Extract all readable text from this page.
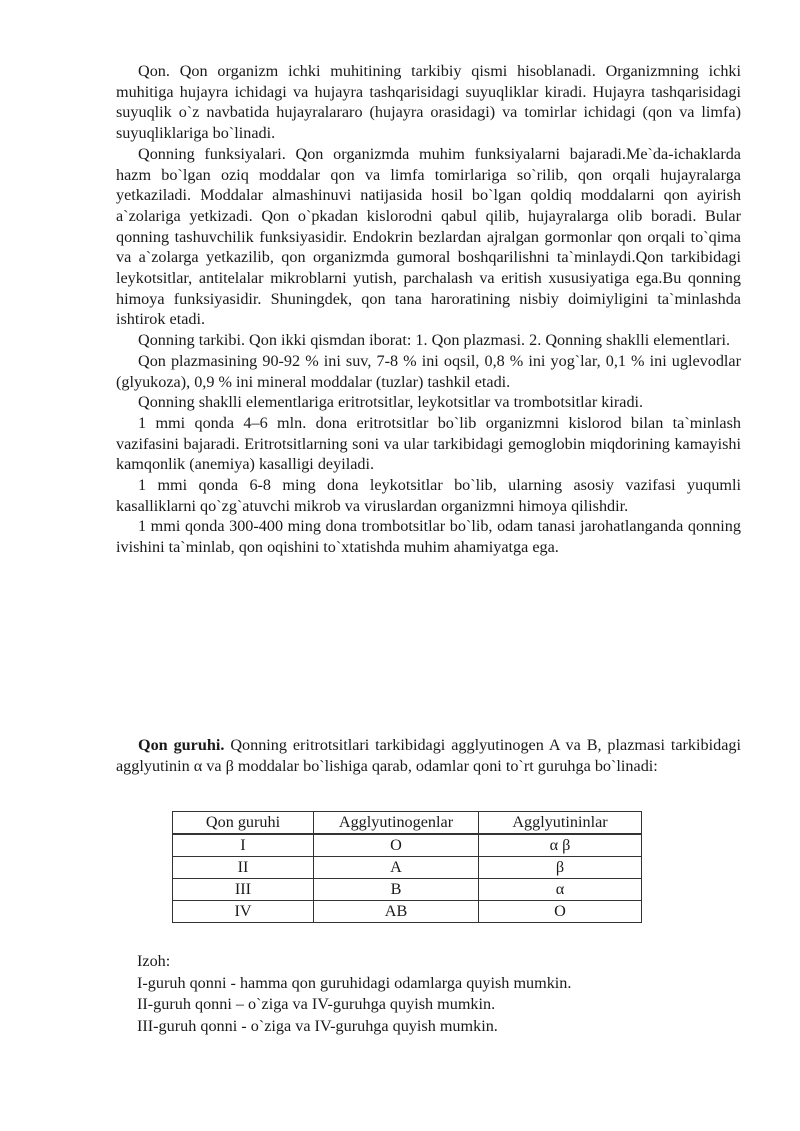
Qon. Qon organizm ichki muhitining tarkibiy qismi hisoblanadi. Organizmning ichki muhitiga hujayra ichidagi va hujayra tashqarisidagi suyuqliklar kiradi. Hujayra tashqarisidagi suyuqlik o`z navbatida hujayralararo (hujayra orasidagi) va tomirlar ichidagi (qon va limfa) suyuqliklariga bo`linadi.

Qonning funksiyalari. Qon organizmda muhim funksiyalarni bajaradi.Me`da-ichaklarda hazm bo`lgan oziq moddalar qon va limfa tomirlariga so`rilib, qon orqali hujayralarga yetkaziladi. Moddalar almashinuvi natijasida hosil bo`lgan qoldiq moddalarni qon ayirish a`zolariga yetkizadi. Qon o`pkadan kislorodni qabul qilib, hujayralarga olib boradi. Bular qonning tashuvchilik funksiyasidir. Endokrin bezlardan ajralgan gormonlar qon orqali to`qima va a`zolarga yetkazilib, qon organizmda gumoral boshqarilishni ta`minlaydi.Qon tarkibidagi leykotsitlar, antitelalar mikroblarni yutish, parchalash va eritish xususiyatiga ega.Bu qonning himoya funksiyasidir. Shuningdek, qon tana haroratining nisbiy doimiyligini ta`minlashda ishtirok etadi.

Qonning tarkibi. Qon ikki qismdan iborat: 1. Qon plazmasi. 2. Qonning shaklli elementlari.

Qon plazmasining 90-92 % ini suv, 7-8 % ini oqsil, 0,8 % ini yog`lar, 0,1 % ini uglevodlar (glyukoza), 0,9 % ini mineral moddalar (tuzlar) tashkil etadi.

Qonning shaklli elementlariga eritrotsitlar, leykotsitlar va trombotsitlar kiradi.

1 mmi qonda 4–6 mln. dona eritrotsitlar bo`lib organizmni kislorod bilan ta`minlash vazifasini bajaradi. Eritrotsitlarning soni va ular tarkibidagi gemoglobin miqdorining kamayishi kamqonlik (anemiya) kasalligi deyiladi.

1 mmi qonda 6-8 ming dona leykotsitlar bo`lib, ularning asosiy vazifasi yuqumli kasalliklarni qo`zg`atuvchi mikrob va viruslardan organizmni himoya qilishdir.

1 mmi qonda 300-400 ming dona trombotsitlar bo`lib, odam tanasi jarohatlanganda qonning ivishini ta`minlab, qon oqishini to`xtatishda muhim ahamiyatga ega.

Qon guruhi. Qonning eritrotsitlari tarkibidagi agglyutinogen A va B, plazmasi tarkibidagi agglyutinin α va β moddalar bo`lishiga qarab, odamlar qoni to`rt guruhga bo`linadi:

Qon guruhi	Agglyutinogenlar	Agglyutininlar
I	O	α β
II	A	β
III	B	α
IV	AB	O
Izoh:
I-guruh qonni - hamma qon guruhidagi odamlarga quyish mumkin.
II-guruh qonni – o`ziga va IV-guruhga quyish mumkin.
III-guruh qonni - o`ziga va IV-guruhga quyish mumkin.
